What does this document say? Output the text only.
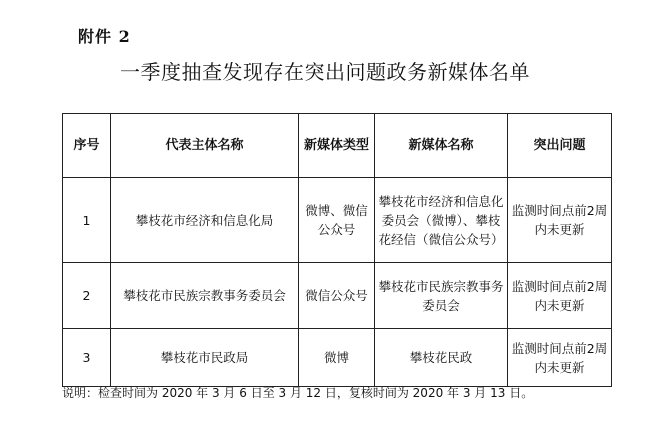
附件 2
一季度抽查发现存在突出问题政务新媒体名单
序号	代表主体名称	新媒体类型	新媒体名称	突出问题
1	攀枝花市经济和信息化局	微博、微信公众号	攀枝花市经济和信息化委员会（微博）、攀枝花经信（微信公众号）	监测时间点前2周内未更新
2	攀枝花市民族宗教事务委员会	微信公众号	攀枝花市民族宗教事务委员会	监测时间点前2周内未更新
3	攀枝花市民政局	微博	攀枝花民政	监测时间点前2周内未更新
说明：检查时间为 2020 年 3 月 6 日至 3 月 12 日，复核时间为 2020 年 3 月 13 日。
